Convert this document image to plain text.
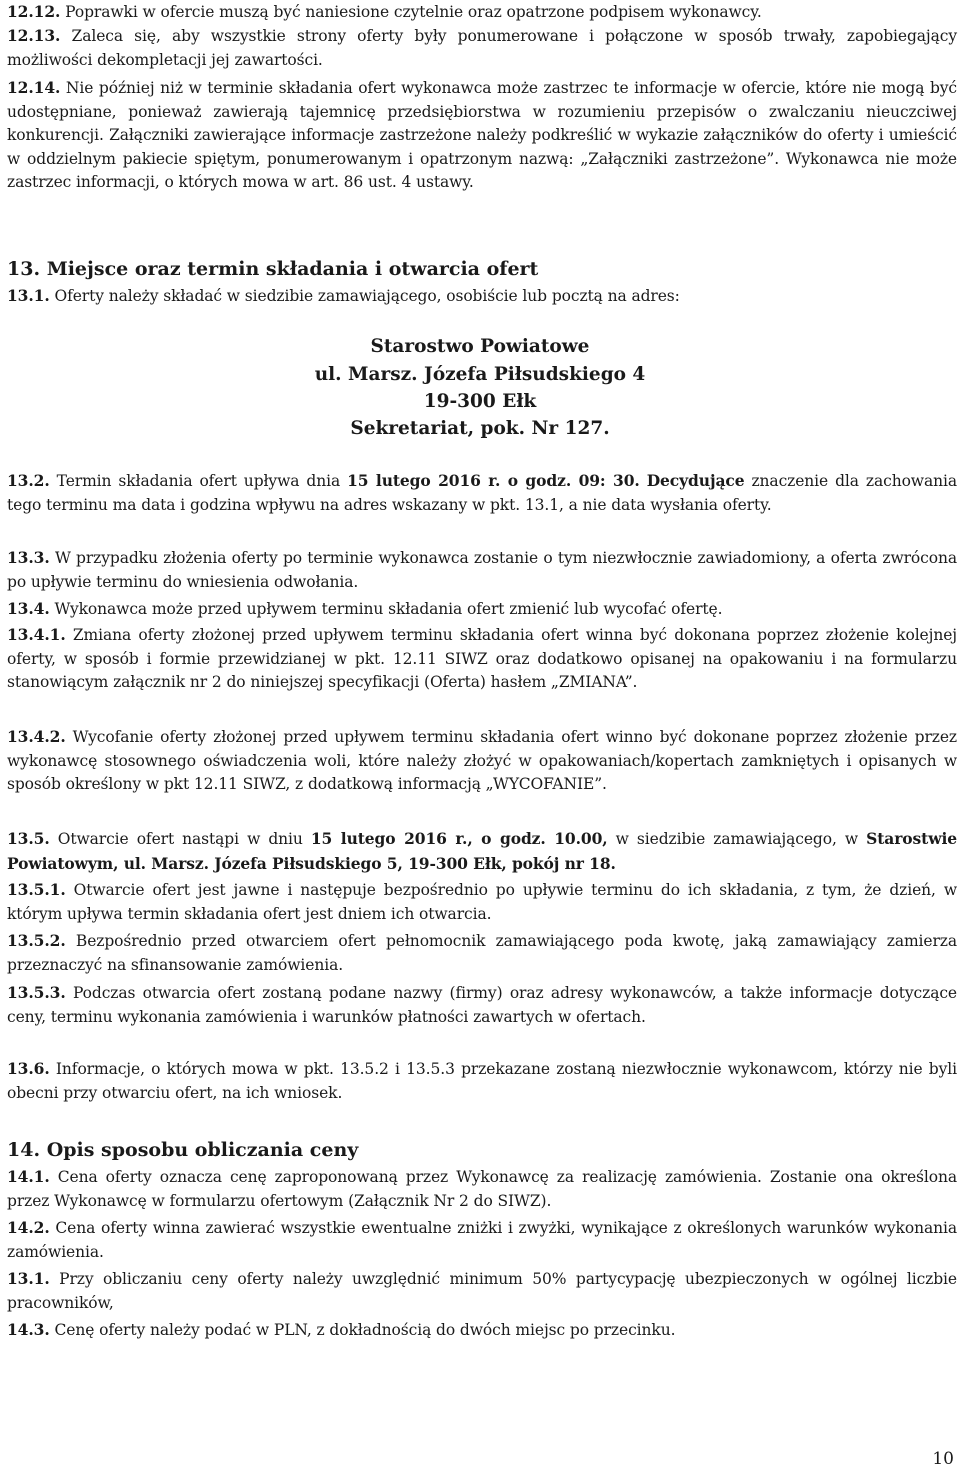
12.12. Poprawki w ofercie muszą być naniesione czytelnie oraz opatrzone podpisem wykonawcy.

12.13. Zaleca się, aby wszystkie strony oferty były ponumerowane i połączone w sposób trwały, zapobiegający możliwości dekompletacji jej zawartości.

12.14. Nie później niż w terminie składania ofert wykonawca może zastrzec te informacje w ofercie, które nie mogą być udostępniane, ponieważ zawierają tajemnicę przedsiębiorstwa w rozumieniu przepisów o zwalczaniu nieuczciwej konkurencji. Załączniki zawierające informacje zastrzeżone należy podkreślić w wykazie załączników do oferty i umieścić w oddzielnym pakiecie spiętym, ponumerowanym i opatrzonym nazwą: „Załączniki zastrzeżone”. Wykonawca nie może zastrzec informacji, o których mowa w art. 86 ust. 4 ustawy.

13. Miejsce oraz termin składania i otwarcia ofert

13.1. Oferty należy składać w siedzibie zamawiającego, osobiście lub pocztą na adres:

Starostwo Powiatowe

ul. Marsz. Józefa Piłsudskiego 4

19-300 Ełk

Sekretariat, pok. Nr 127.

13.2. Termin składania ofert upływa dnia 15 lutego 2016 r. o godz. 09: 30. Decydujące znaczenie dla zachowania tego terminu ma data i godzina wpływu na adres wskazany w pkt. 13.1, a nie data wysłania oferty.

13.3. W przypadku złożenia oferty po terminie wykonawca zostanie o tym niezwłocznie zawiadomiony, a oferta zwrócona po upływie terminu do wniesienia odwołania.

13.4. Wykonawca może przed upływem terminu składania ofert zmienić lub wycofać ofertę.

13.4.1. Zmiana oferty złożonej przed upływem terminu składania ofert winna być dokonana poprzez złożenie kolejnej oferty, w sposób i formie przewidzianej w pkt. 12.11 SIWZ oraz dodatkowo opisanej na opakowaniu i na formularzu stanowiącym załącznik nr 2 do niniejszej specyfikacji (Oferta) hasłem „ZMIANA”.

13.4.2. Wycofanie oferty złożonej przed upływem terminu składania ofert winno być dokonane poprzez złożenie przez wykonawcę stosownego oświadczenia woli, które należy złożyć w opakowaniach/kopertach zamkniętych i opisanych w sposób określony w pkt 12.11 SIWZ, z dodatkową informacją „WYCOFANIE”.

13.5. Otwarcie ofert nastąpi w dniu 15 lutego 2016 r., o godz. 10.00, w siedzibie zamawiającego, w Starostwie Powiatowym, ul. Marsz. Józefa Piłsudskiego 5, 19-300 Ełk, pokój nr 18.

13.5.1. Otwarcie ofert jest jawne i następuje bezpośrednio po upływie terminu do ich składania, z tym, że dzień, w którym upływa termin składania ofert jest dniem ich otwarcia.

13.5.2. Bezpośrednio przed otwarciem ofert pełnomocnik zamawiającego poda kwotę, jaką zamawiający zamierza przeznaczyć na sfinansowanie zamówienia.

13.5.3. Podczas otwarcia ofert zostaną podane nazwy (firmy) oraz adresy wykonawców, a także informacje dotyczące ceny, terminu wykonania zamówienia i warunków płatności zawartych w ofertach.

13.6. Informacje, o których mowa w pkt. 13.5.2 i 13.5.3 przekazane zostaną niezwłocznie wykonawcom, którzy nie byli obecni przy otwarciu ofert, na ich wniosek.

14. Opis sposobu obliczania ceny

14.1. Cena oferty oznacza cenę zaproponowaną przez Wykonawcę za realizację zamówienia. Zostanie ona określona przez Wykonawcę w formularzu ofertowym (Załącznik Nr 2 do SIWZ).

14.2. Cena oferty winna zawierać wszystkie ewentualne zniżki i zwyżki, wynikające z określonych warunków wykonania zamówienia.

13.1. Przy obliczaniu ceny oferty należy uwzględnić minimum 50% partycypację ubezpieczonych w ogólnej liczbie pracowników,

14.3. Cenę oferty należy podać w PLN, z dokładnością do dwóch miejsc po przecinku.

10
